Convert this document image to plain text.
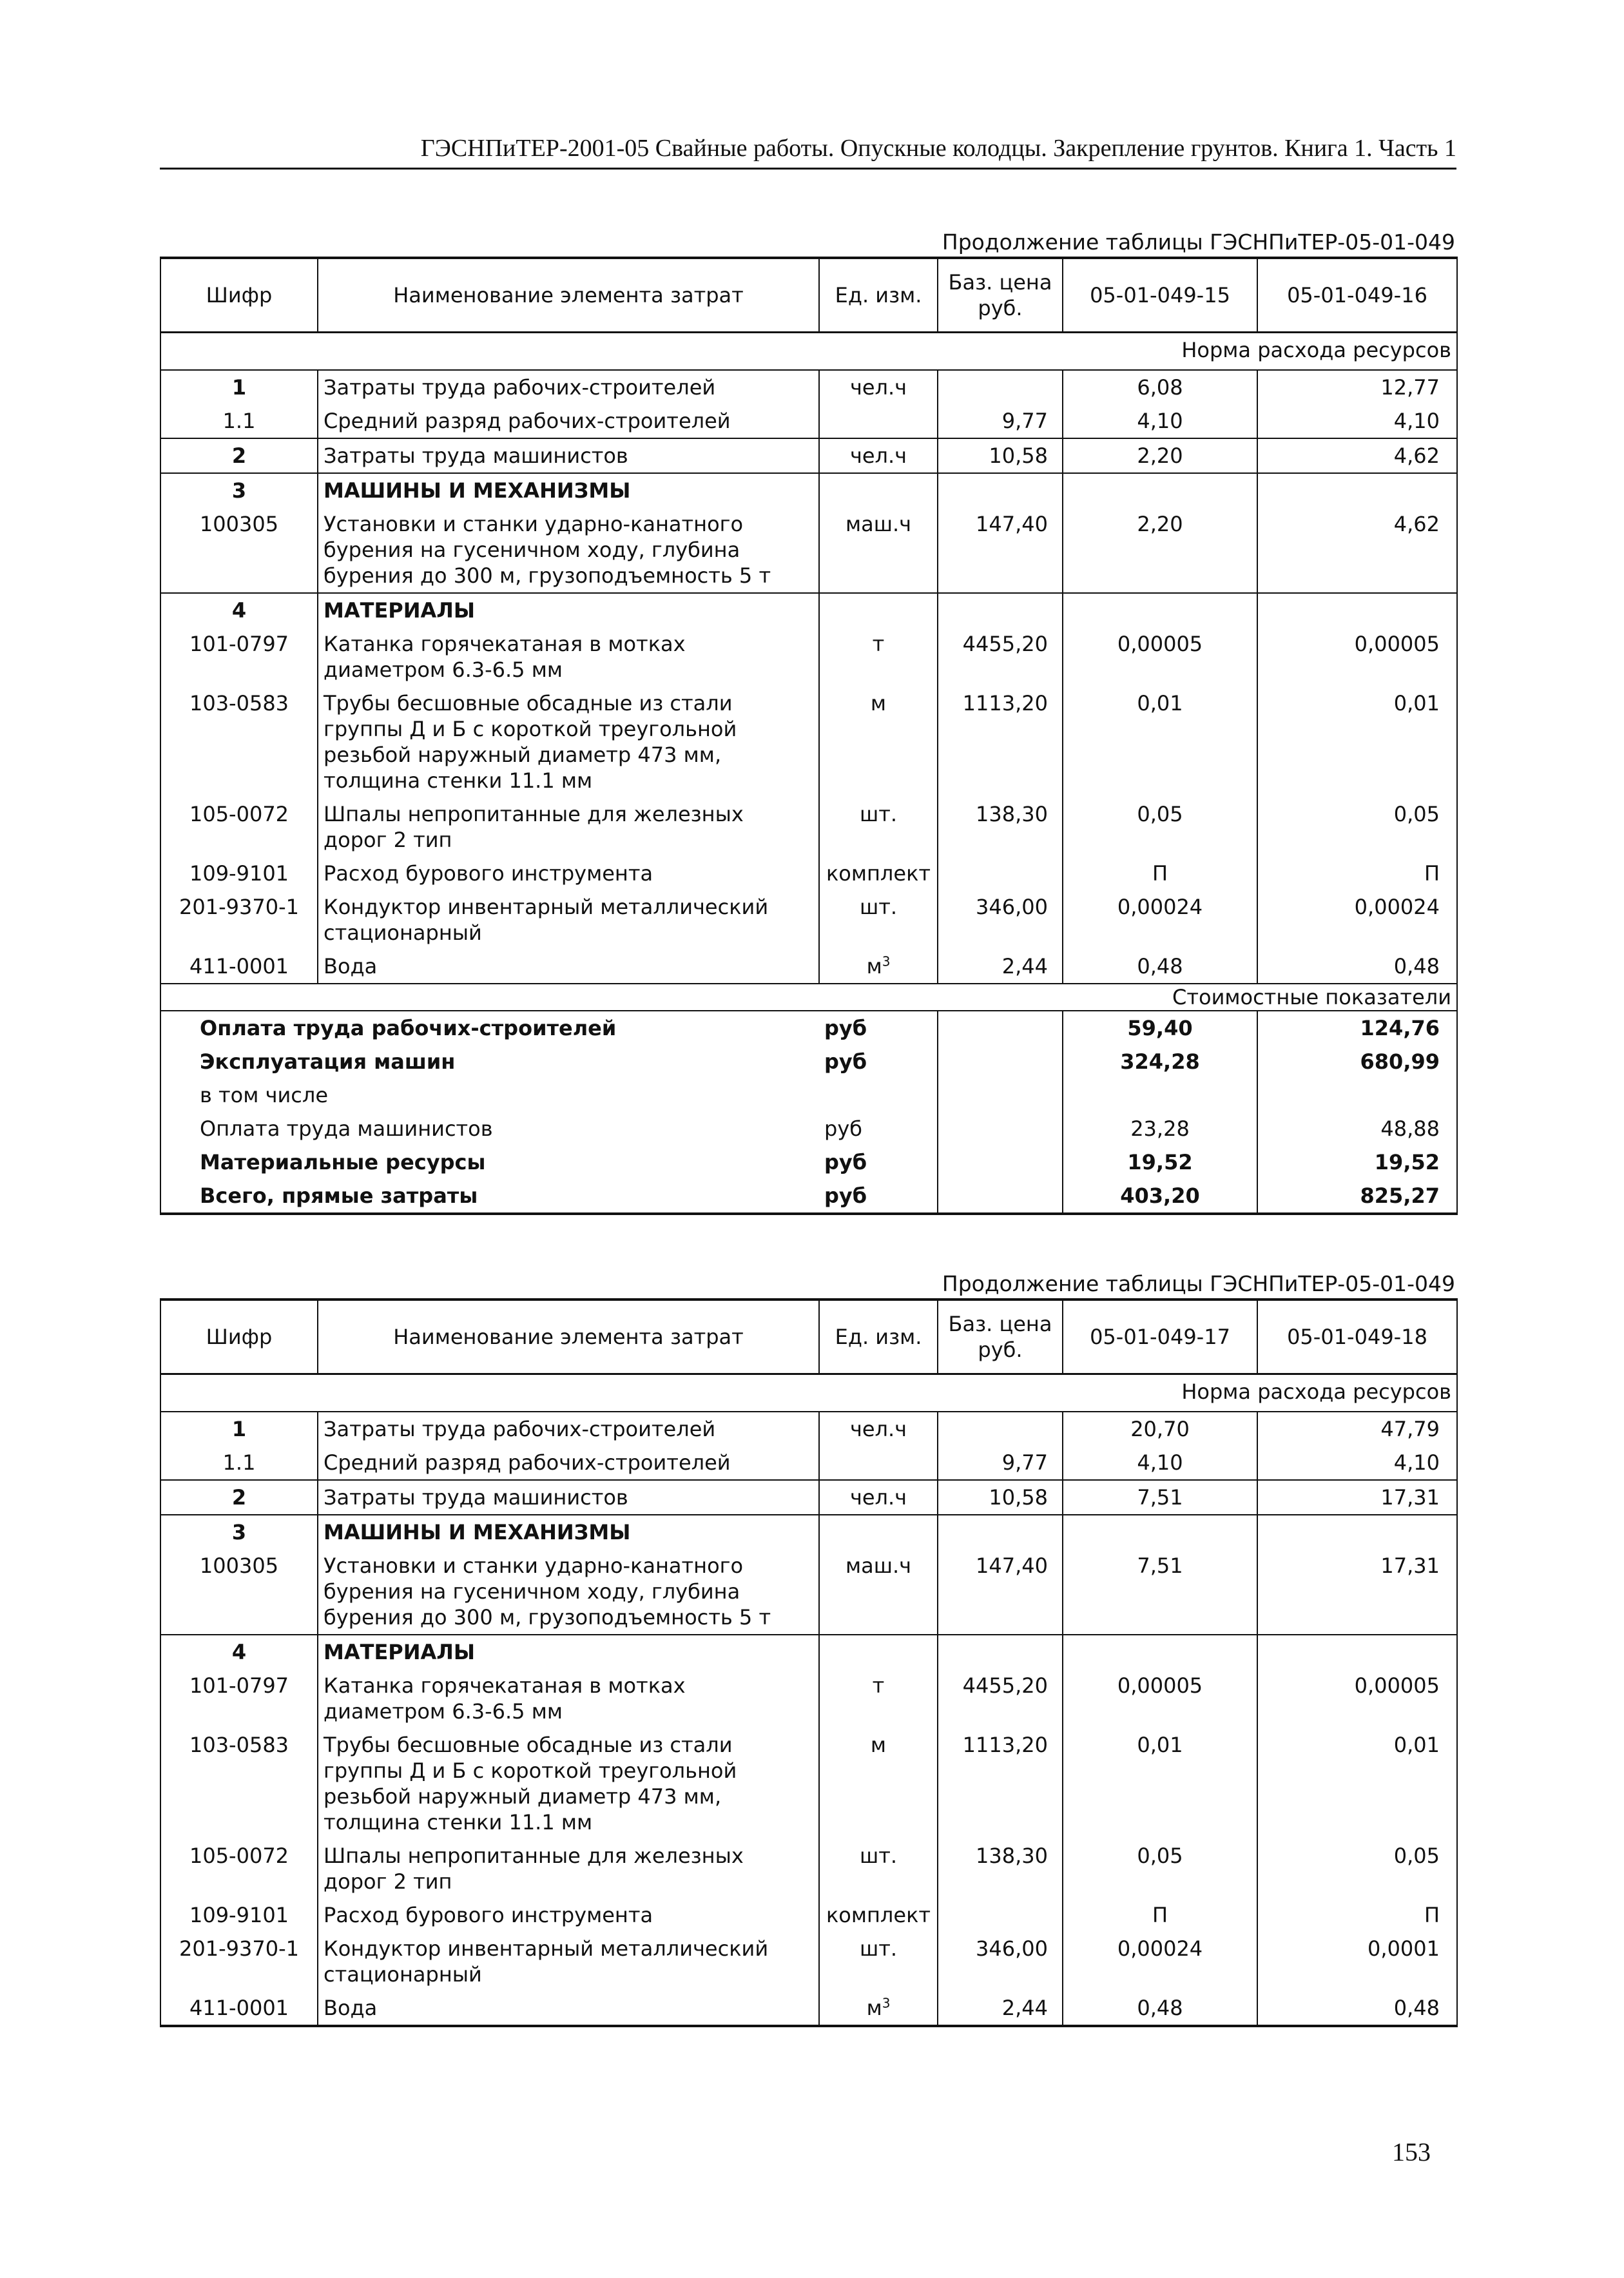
ГЭСНПиТЕР-2001-05 Свайные работы. Опускные колодцы. Закрепление грунтов. Книга 1. Часть 1
Продолжение таблицы ГЭСНПиТЕР-05-01-049
Шифр	Наименование элемента затрат	Ед. изм.	Баз. цена руб.	05-01-049-15	05-01-049-16
Норма расхода ресурсов					
1	Затраты труда рабочих-строителей	чел.ч		6,08	12,77
1.1	Средний разряд рабочих-строителей		9,77	4,10	4,10
2	Затраты труда машинистов	чел.ч	10,58	2,20	4,62
3	МАШИНЫ И МЕХАНИЗМЫ				
100305	Установки и станки ударно-канатного бурения на гусеничном ходу, глубина бурения до 300 м, грузоподъемность 5 т	маш.ч	147,40	2,20	4,62
4	МАТЕРИАЛЫ				
101-0797	Катанка горячекатаная в мотках диаметром 6.3-6.5 мм	т	4455,20	0,00005	0,00005
103-0583	Трубы бесшовные обсадные из стали группы Д и Б с короткой треугольной резьбой наружный диаметр 473 мм, толщина стенки 11.1 мм	м	1113,20	0,01	0,01
105-0072	Шпалы непропитанные для железных дорог 2 тип	шт.	138,30	0,05	0,05
109-9101	Расход бурового инструмента	комплект		П	П
201-9370-1	Кондуктор инвентарный металлический стационарный	шт.	346,00	0,00024	0,00024
411-0001	Вода	$м^3$	2,44	0,48	0,48
Стоимостные показатели					
Оплата труда рабочих-строителей		руб		59,40	124,76
Эксплуатация машин		руб		324,28	680,99
в том числе					
Оплата труда машинистов		руб		23,28	48,88
Материальные ресурсы		руб		19,52	19,52
Всего, прямые затраты		руб		403,20	825,27
Продолжение таблицы ГЭСНПиТЕР-05-01-049
Шифр	Наименование элемента затрат	Ед. изм.	Баз. цена руб.	05-01-049-17	05-01-049-18
Норма расхода ресурсов					
1	Затраты труда рабочих-строителей	чел.ч		20,70	47,79
1.1	Средний разряд рабочих-строителей		9,77	4,10	4,10
2	Затраты труда машинистов	чел.ч	10,58	7,51	17,31
3	МАШИНЫ И МЕХАНИЗМЫ				
100305	Установки и станки ударно-канатного бурения на гусеничном ходу, глубина бурения до 300 м, грузоподъемность 5 т	маш.ч	147,40	7,51	17,31
4	МАТЕРИАЛЫ				
101-0797	Катанка горячекатаная в мотках диаметром 6.3-6.5 мм	т	4455,20	0,00005	0,00005
103-0583	Трубы бесшовные обсадные из стали группы Д и Б с короткой треугольной резьбой наружный диаметр 473 мм, толщина стенки 11.1 мм	м	1113,20	0,01	0,01
105-0072	Шпалы непропитанные для железных дорог 2 тип	шт.	138,30	0,05	0,05
109-9101	Расход бурового инструмента	комплект		П	П
201-9370-1	Кондуктор инвентарный металлический стационарный	шт.	346,00	0,00024	0,0001
411-0001	Вода	$м^3$	2,44	0,48	0,48
153
